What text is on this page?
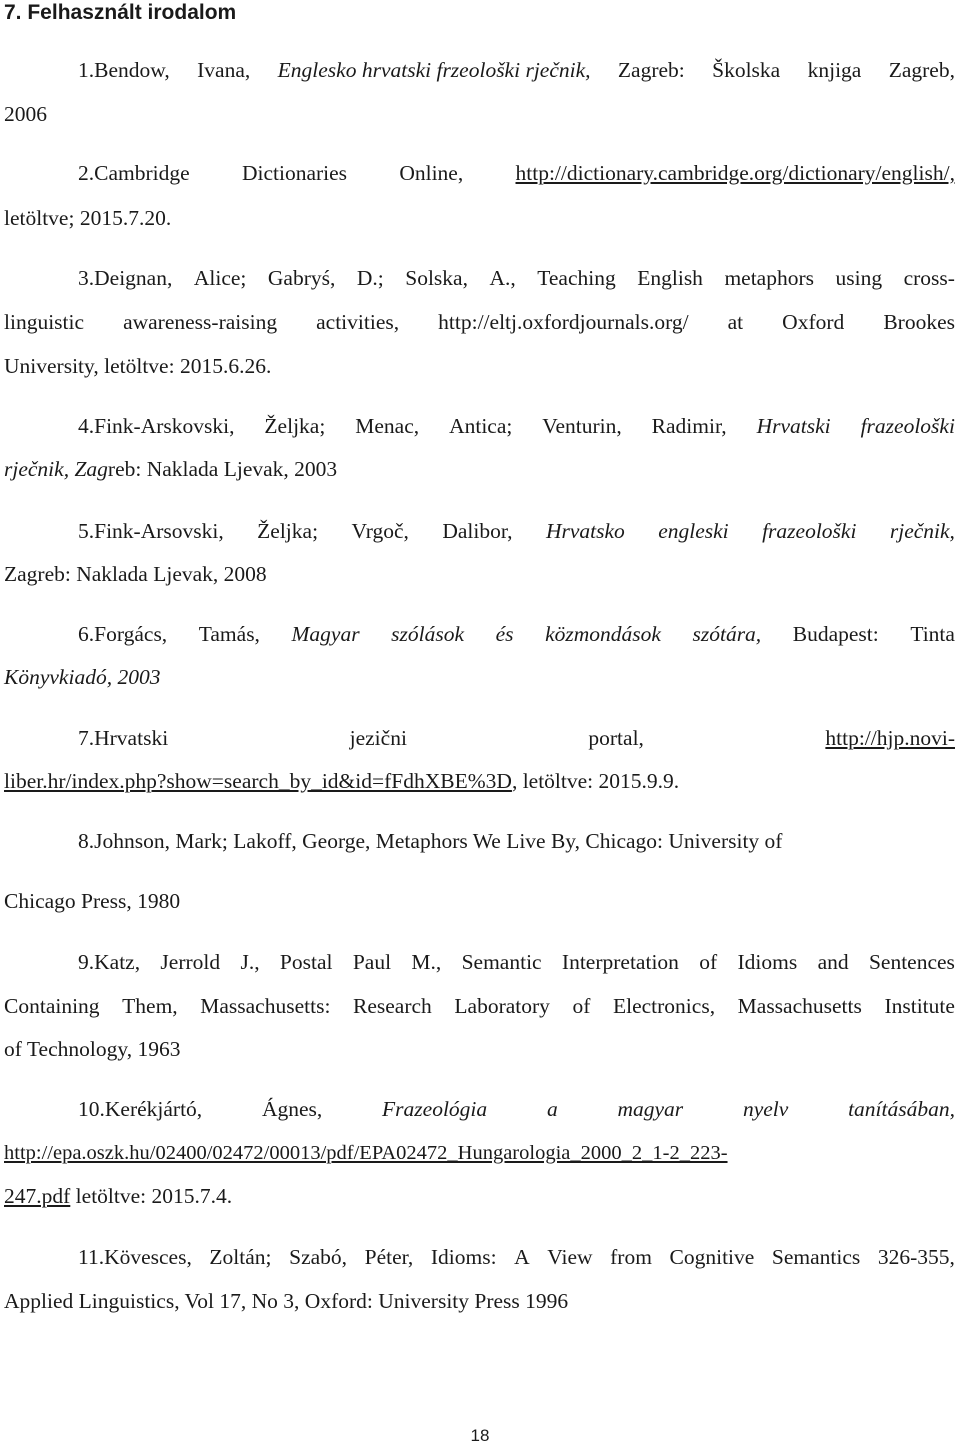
7. Felhasznált irodalom
1.Bendow, Ivana, Englesko hrvatski frzeološki rječnik, Zagreb: Školska knjiga Zagreb,
2006
2.Cambridge Dictionaries Online, http://dictionary.cambridge.org/dictionary/english/,
letöltve; 2015.7.20.
3.Deignan, Alice; Gabryś, D.; Solska, A., Teaching English metaphors using cross-
linguistic awareness-raising activities, http://eltj.oxfordjournals.org/ at Oxford Brookes
University, letöltve: 2015.6.26.
4.Fink-Arskovski, Željka; Menac, Antica; Venturin, Radimir, Hrvatski frazeološki
rječnik, Zag reb: Naklada Ljevak, 2003
5.Fink-Arsovski, Željka; Vrgoč, Dalibor, Hrvatsko engleski frazeološki rječnik,
Zagreb: Naklada Ljevak, 2008
6.Forgács, Tamás, Magyar szólások és közmondások szótára, Budapest: Tinta
Könyvkiadó, 2003
7.Hrvatski	jezični	portal,	http://hjp.novi-
liber.hr/index.php?show=search_by_id&id=fFdhXBE%3D , letöltve: 2015.9.9.
8.Johnson, Mark; Lakoff, George, Metaphors We Live By, Chicago: University of
Chicago Press, 1980
9.Katz, Jerrold J., Postal Paul M., Semantic Interpretation of Idioms and Sentences
Containing Them, Massachusetts: Research Laboratory of Electronics, Massachusetts Institute
of Technology, 1963
10.Kerékjártó,	Ágnes,	Frazeológia	a	magyar	nyelv	tanításában,
http://epa.oszk.hu/02400/02472/00013/pdf/EPA02472_Hungarologia_2000_2_1-2_223-
247.pdf letöltve: 2015.7.4.
11.Kövesces, Zoltán; Szabó, Péter, Idioms: A View from Cognitive Semantics 326-355,
Applied Linguistics, Vol 17, No 3, Oxford: University Press 1996
18
